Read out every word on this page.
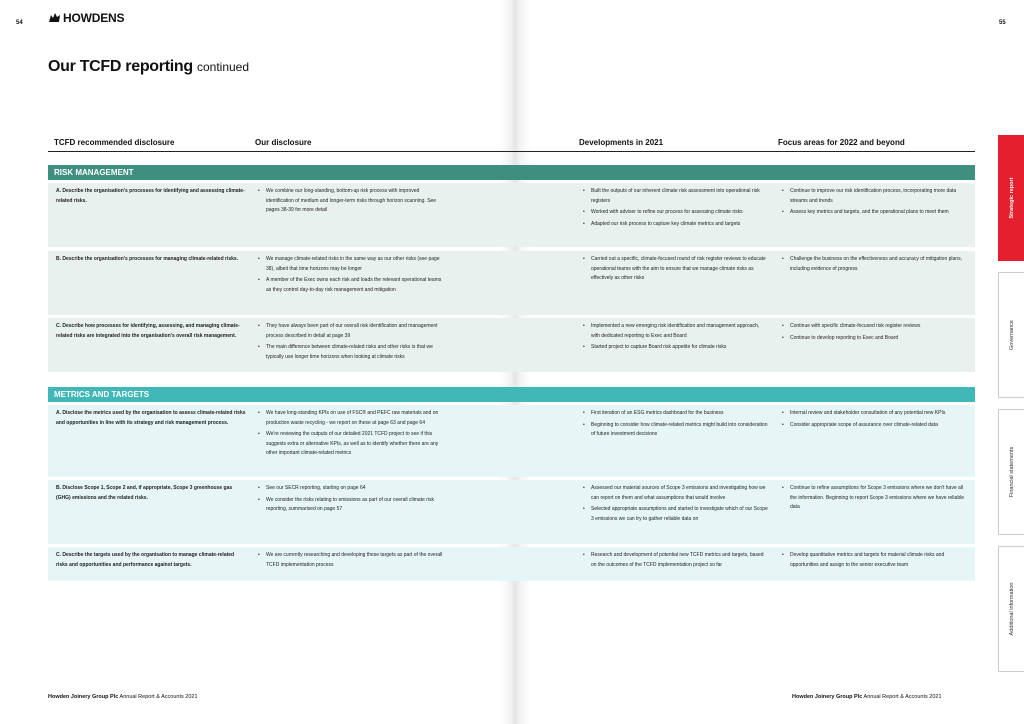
54	55
HOWDENS
Our TCFD reporting continued
TCFD recommended disclosure	Our disclosure	Developments in 2021	Focus areas for 2022 and beyond
RISK MANAGEMENT
A. Describe the organisation's processes for identifying and assessing climate-related risks.
• We combine our long-standing, bottom-up risk process with improved identification of medium and longer-term risks through horizon scanning. See pages 38-39 for more detail
• Built the outputs of our inherent climate risk assessment into operational risk registers
• Worked with adviser to refine our process for assessing climate risks
• Adapted our risk process to capture key climate metrics and targets
• Continue to improve our risk identification process, incorporating more data streams and trends
• Assess key metrics and targets, and the operational plans to meet them
B. Describe the organisation's processes for managing climate-related risks.
•	We manage climate-related risks in the same way as our other risks (see page 38), albeit that time horizons may be longer
• A member of the Exec owns each risk and loads the relevant operational teams as they control day-to-day risk management and mitigation
• Carried out a specific, climate-focused round of risk register reviews to educate operational teams with the aim to ensure that we manage climate risks as effectively as other risks
• Challenge the business on the effectiveness and accuracy of mitigation plans, including evidence of progress
C. Describe how processes for identifying, assessing, and managing climate-related risks are integrated into the organisation's overall risk management.
• They have always been part of our overall risk identification and management process described in detail at page 39
• The main difference between climate-related risks and other risks is that we typically use longer time horizons when looking at climate risks
• Implemented a new emerging risk identification and management approach, with dedicated reporting to Exec and Board
• Started project to capture Board risk appetite for climate risks
• Continue with specific climate-focused risk register reviews
• Continue to develop reporting to Exec and Board
METRICS AND TARGETS
A. Disclose the metrics used by the organisation to assess climate-related risks and opportunities in line with its strategy and risk management process.
• We have long-standing KPIs on use of FSC® and PEFC raw materials and on production waste recycling - we report on these at page 63 and page 64
• We're reviewing the outputs of our detailed 2021 TCFD project to see if this suggests extra or alternative KPIs, as well as to identify whether there are any other important climate-related metrics
• First iteration of an ESG metrics dashboard for the business
• Beginning to consider how climate-related metrics might build into consideration of future investment decisions
• Internal review and stakeholder consultation of any potential new KPIs
• Consider appropriate scope of assurance over climate-related data
B. Disclose Scope 1, Scope 2 and, if appropriate, Scope 3 greenhouse gas (GHG) emissions and the related risks.
• See our SECR reporting, starting on page 64
• We consider the risks relating to emissions as part of our overall climate risk reporting, summarised on page 57
• Assessed our material sources of Scope 3 emissions and investigating how we can report on them and what assumptions that would involve
• Selected appropriate assumptions and started to investigate which of our Scope 3 emissions we can try to gather reliable data on
• Continue to refine assumptions for Scope 3 emissions where we don't have all the information. Beginning to report Scope 3 emissions where we have reliable data
C. Describe the targets used by the organisation to manage climate-related risks and opportunities and performance against targets.
• We are currently researching and developing these targets as part of the overall TCFD implementation process
• Research and development of potential new TCFD metrics and targets, based on the outcomes of the TCFD implementation project so far
• Develop quantitative metrics and targets for material climate risks and opportunities and assign to the senior executive team
Howden Joinery Group Plc Annual Report & Accounts 2021	Howden Joinery Group Plc Annual Report & Accounts 2021
Strategic report
Governance
Financial statements
Additional information
